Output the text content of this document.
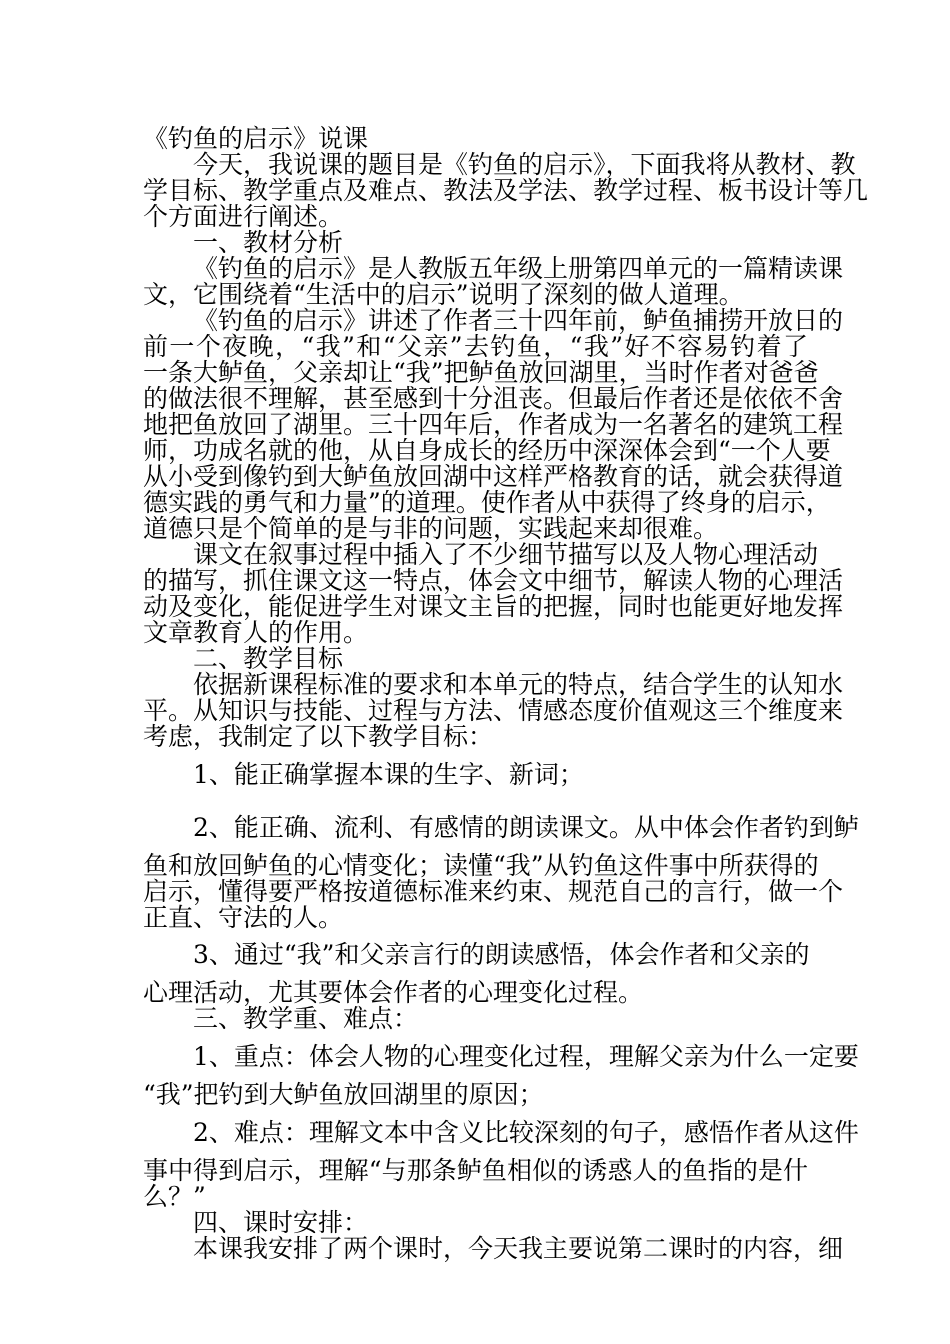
《钓鱼的启示》说课
今天，我说课的题目是《钓鱼的启示》，下面我将从教材、教
学目标、教学重点及难点、教法及学法、教学过程、板书设计等几
个方面进行阐述。
一、教材分析
《钓鱼的启示》是人教版五年级上册第四单元的一篇精读课
文，它围绕着“生活中的启示”说明了深刻的做人道理。
《钓鱼的启示》讲述了作者三十四年前，鲈鱼捕捞开放日的
前一个夜晚，“我”和“父亲”去钓鱼，“我”好不容易钓着了
一条大鲈鱼，父亲却让“我”把鲈鱼放回湖里，当时作者对爸爸
的做法很不理解，甚至感到十分沮丧。但最后作者还是依依不舍
地把鱼放回了湖里。三十四年后，作者成为一名著名的建筑工程
师，功成名就的他，从自身成长的经历中深深体会到“一个人要
从小受到像钓到大鲈鱼放回湖中这样严格教育的话，就会获得道
德实践的勇气和力量”的道理。使作者从中获得了终身的启示，
道德只是个简单的是与非的问题，实践起来却很难。
课文在叙事过程中插入了不少细节描写以及人物心理活动
的描写，抓住课文这一特点，体会文中细节，解读人物的心理活
动及变化，能促进学生对课文主旨的把握，同时也能更好地发挥
文章教育人的作用。
二、教学目标
依据新课程标准的要求和本单元的特点，结合学生的认知水
平。从知识与技能、过程与方法、情感态度价值观这三个维度来
考虑，我制定了以下教学目标：
1、能正确掌握本课的生字、新词；
2、能正确、流利、有感情的朗读课文。从中体会作者钓到鲈
鱼和放回鲈鱼的心情变化；读懂“我”从钓鱼这件事中所获得的
启示，懂得要严格按道德标准来约束、规范自己的言行，做一个
正直、守法的人。
3、通过“我”和父亲言行的朗读感悟，体会作者和父亲的
心理活动，尤其要体会作者的心理变化过程。
三、教学重、难点：
1、重点：体会人物的心理变化过程，理解父亲为什么一定要
“我”把钓到大鲈鱼放回湖里的原因；
2、难点：理解文本中含义比较深刻的句子，感悟作者从这件
事中得到启示，理解“与那条鲈鱼相似的诱惑人的鱼指的是什
么？”
四、课时安排：
本课我安排了两个课时，今天我主要说第二课时的内容，细
